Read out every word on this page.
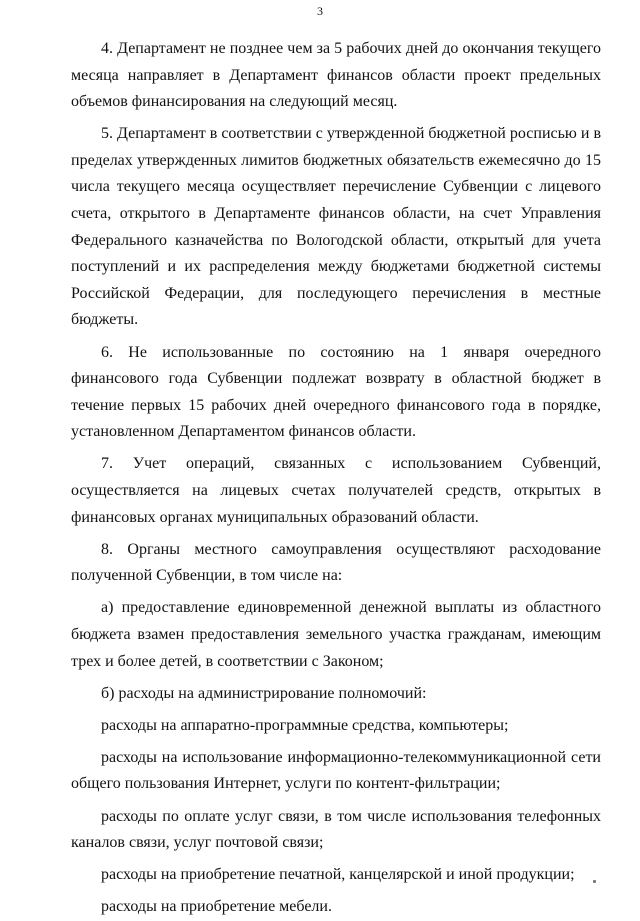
3

4. Департамент не позднее чем за 5 рабочих дней до окончания текущего месяца направляет в Департамент финансов области проект предельных объемов финансирования на следующий месяц.

5. Департамент в соответствии с утвержденной бюджетной росписью и в пределах утвержденных лимитов бюджетных обязательств ежемесячно до 15 числа текущего месяца осуществляет перечисление Субвенции с лицевого счета, открытого в Департаменте финансов области, на счет Управления Федерального казначейства по Вологодской области, открытый для учета поступлений и их распределения между бюджетами бюджетной системы Российской Федерации, для последующего перечисления в местные бюджеты.

6. Не использованные по состоянию на 1 января очередного финансового года Субвенции подлежат возврату в областной бюджет в течение первых 15 рабочих дней очередного финансового года в порядке, установленном Департаментом финансов области.

7. Учет операций, связанных с использованием Субвенций, осуществляется на лицевых счетах получателей средств, открытых в финансовых органах муниципальных образований области.

8. Органы местного самоуправления осуществляют расходование полученной Субвенции, в том числе на:

а) предоставление единовременной денежной выплаты из областного бюджета взамен предоставления земельного участка гражданам, имеющим трех и более детей, в соответствии с Законом;

б) расходы на администрирование полномочий:

расходы на аппаратно-программные средства, компьютеры;

расходы на использование информационно-телекоммуникационной сети общего пользования Интернет, услуги по контент-фильтрации;

расходы по оплате услуг связи, в том числе использования телефонных каналов связи, услуг почтовой связи;

расходы на приобретение печатной, канцелярской и иной продукции;

расходы на приобретение мебели.
